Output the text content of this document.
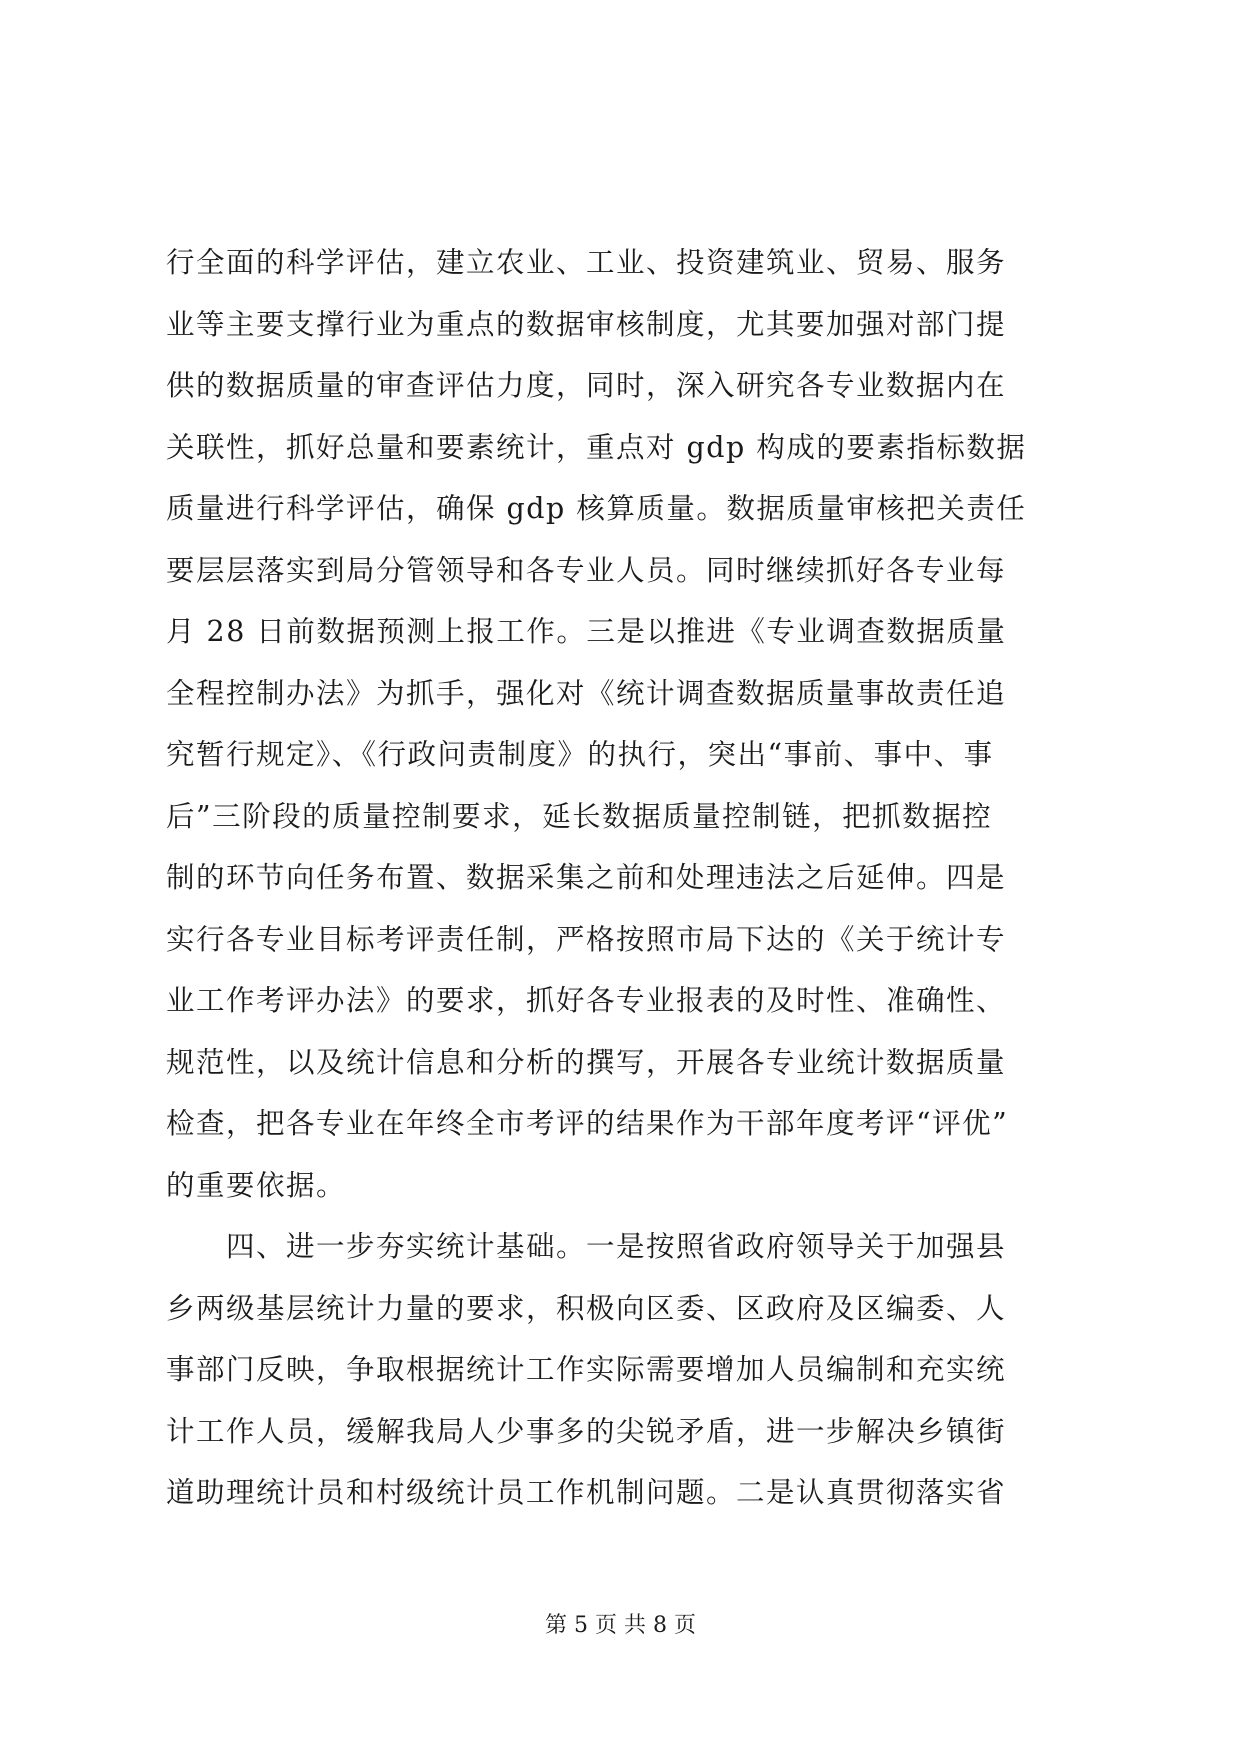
行全面的科学评估，建立农业、工业、投资建筑业、贸易、服务

业等主要支撑行业为重点的数据审核制度，尤其要加强对部门提

供的数据质量的审查评估力度，同时，深入研究各专业数据内在

关联性，抓好总量和要素统计，重点对 gdp 构成的要素指标数据

质量进行科学评估，确保 gdp 核算质量。数据质量审核把关责任

要层层落实到局分管领导和各专业人员。同时继续抓好各专业每

月 28 日前数据预测上报工作。三是以推进《专业调查数据质量

全程控制办法》为抓手，强化对《统计调查数据质量事故责任追

究暂行规定》、《行政问责制度》的执行，突出“事前、事中、事

后”三阶段的质量控制要求，延长数据质量控制链，把抓数据控

制的环节向任务布置、数据采集之前和处理违法之后延伸。四是

实行各专业目标考评责任制，严格按照市局下达的《关于统计专

业工作考评办法》的要求，抓好各专业报表的及时性、准确性、

规范性，以及统计信息和分析的撰写，开展各专业统计数据质量

检查，把各专业在年终全市考评的结果作为干部年度考评“评优”

的重要依据。

　　四、进一步夯实统计基础。一是按照省政府领导关于加强县

乡两级基层统计力量的要求，积极向区委、区政府及区编委、人

事部门反映，争取根据统计工作实际需要增加人员编制和充实统

计工作人员，缓解我局人少事多的尖锐矛盾，进一步解决乡镇街

道助理统计员和村级统计员工作机制问题。二是认真贯彻落实省

第 5 页 共 8 页
